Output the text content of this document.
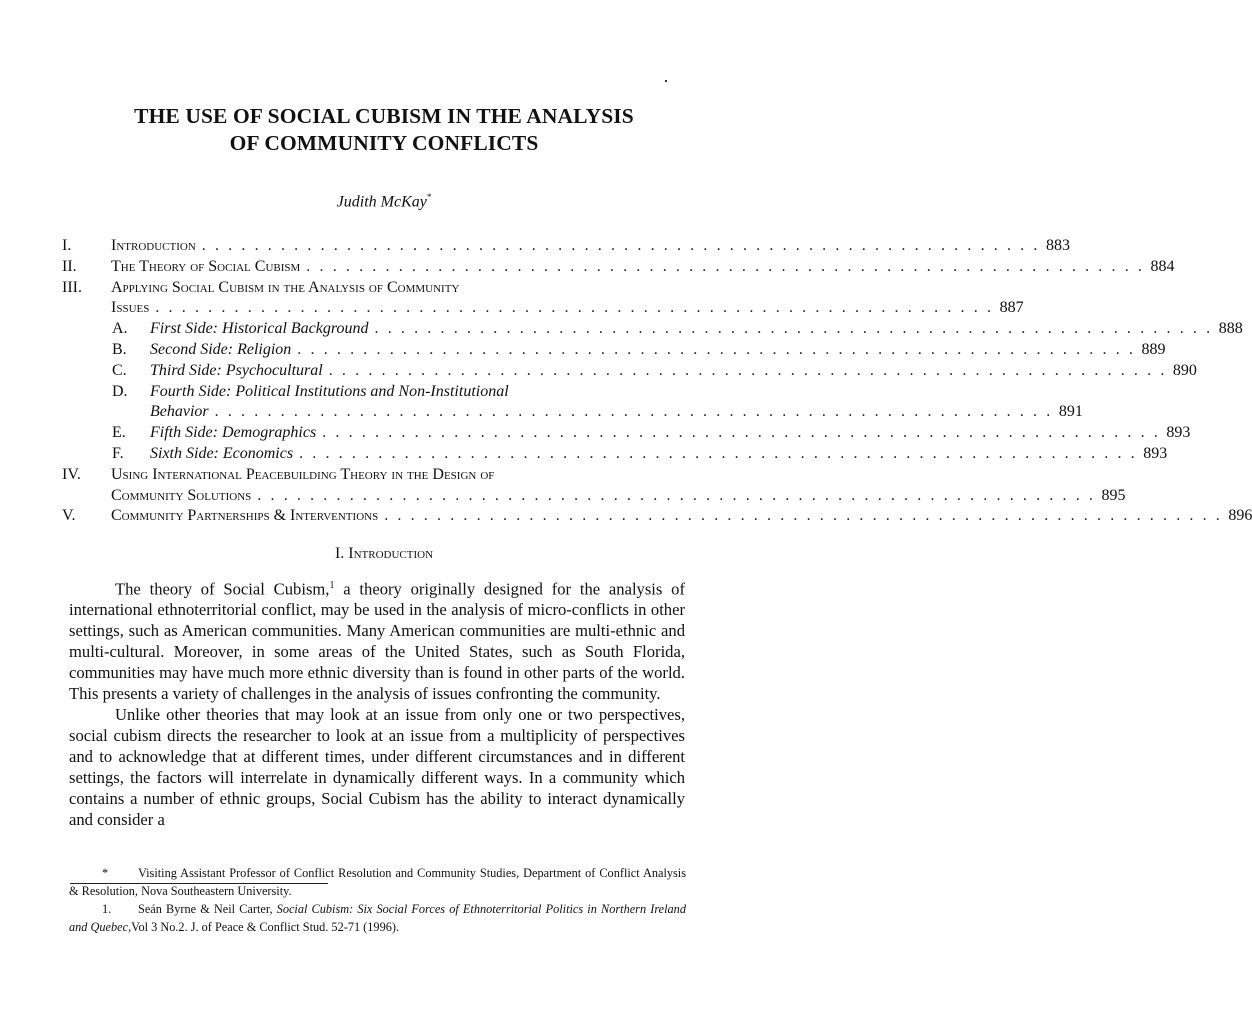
THE USE OF SOCIAL CUBISM IN THE ANALYSIS
OF COMMUNITY CONFLICTS
Judith McKay*
I. Introduction . . . . . . . . . . . . . . . . . . . . . . . . . . . . . . . . . . . . . . . . . . . . . . . . . . . . . . . . . . . . . . . . 883
II. The Theory of Social Cubism . . . . . . . . . . . . . . . . . . . . . . . . . . . . . . . . . . . . . . . . . . . . . . . . . . . . . . . . . . . . . . . . 884
III. Applying Social Cubism in the Analysis of Community
Issues . . . . . . . . . . . . . . . . . . . . . . . . . . . . . . . . . . . . . . . . . . . . . . . . . . . . . . . . . . . . . . . . 887
A. First Side: Historical Background . . . . . . . . . . . . . . . . . . . . . . . . . . . . . . . . . . . . . . . . . . . . . . . . . . . . . . . . . . . . . . . . 888
B. Second Side: Religion . . . . . . . . . . . . . . . . . . . . . . . . . . . . . . . . . . . . . . . . . . . . . . . . . . . . . . . . . . . . . . . . 889
C. Third Side: Psychocultural . . . . . . . . . . . . . . . . . . . . . . . . . . . . . . . . . . . . . . . . . . . . . . . . . . . . . . . . . . . . . . . . 890
D. Fourth Side: Political Institutions and Non-Institutional
Behavior . . . . . . . . . . . . . . . . . . . . . . . . . . . . . . . . . . . . . . . . . . . . . . . . . . . . . . . . . . . . . . . . 891
E. Fifth Side: Demographics . . . . . . . . . . . . . . . . . . . . . . . . . . . . . . . . . . . . . . . . . . . . . . . . . . . . . . . . . . . . . . . . 893
F. Sixth Side: Economics . . . . . . . . . . . . . . . . . . . . . . . . . . . . . . . . . . . . . . . . . . . . . . . . . . . . . . . . . . . . . . . . 893
IV. Using International Peacebuilding Theory in the Design of
Community Solutions . . . . . . . . . . . . . . . . . . . . . . . . . . . . . . . . . . . . . . . . . . . . . . . . . . . . . . . . . . . . . . . . 895
V. Community Partnerships & Interventions . . . . . . . . . . . . . . . . . . . . . . . . . . . . . . . . . . . . . . . . . . . . . . . . . . . . . . . . . . . . . . . . 896
I. Introduction

The theory of Social Cubism,$^1$ a theory originally designed for the analysis of international ethnoterritorial conflict, may be used in the analysis of micro-conflicts in other settings, such as American communities. Many American communities are multi-ethnic and multi-cultural. Moreover, in some areas of the United States, such as South Florida, communities may have much more ethnic diversity than is found in other parts of the world. This presents a variety of challenges in the analysis of issues confronting the community.

Unlike other theories that may look at an issue from only one or two perspectives, social cubism directs the researcher to look at an issue from a multiplicity of perspectives and to acknowledge that at different times, under different circumstances and in different settings, the factors will interrelate in dynamically different ways. In a community which contains a number of ethnic groups, Social Cubism has the ability to interact dynamically and consider a

* Visiting Assistant Professor of Conflict Resolution and Community Studies, Department of Conflict Analysis & Resolution, Nova Southeastern University.

1. Seán Byrne & Neil Carter, Social Cubism: Six Social Forces of Ethnoterritorial Politics in Northern Ireland and Quebec,Vol 3 No.2. J. of Peace & Conflict Stud. 52-71 (1996).
